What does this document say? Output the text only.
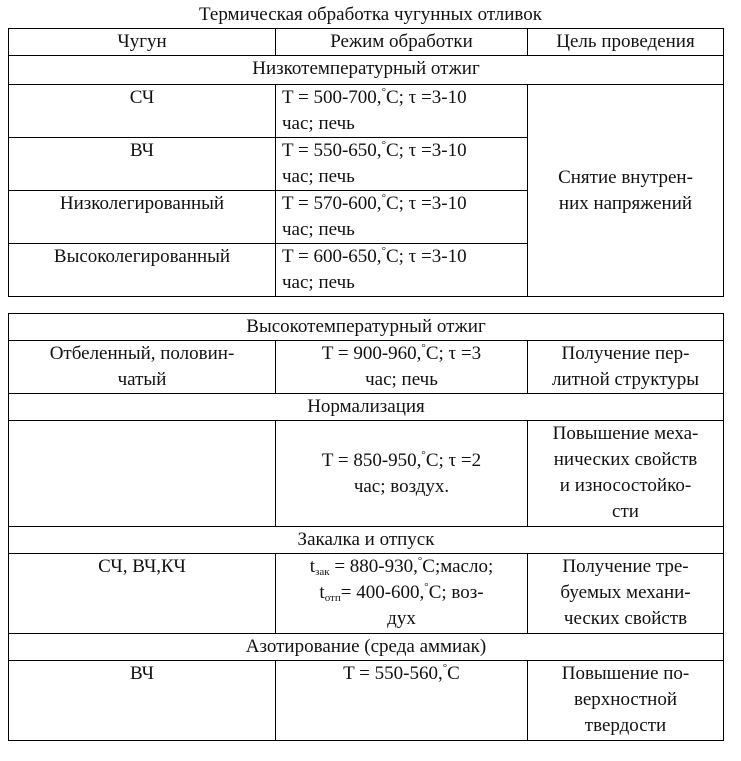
Термическая обработка чугунных отливок
Чугун	Режим обработки	Цель проведения
Низкотемпературный отжиг		
СЧ	T = 500-700,°C; τ =3-10
час; печь	Снятие внутрен-
них напряжений

ВЧ	T = 550-650,°C; τ =3-10
час; печь	

Низколегированный	T = 570-600,°C; τ =3-10
час; печь	

Высоколегированный	T = 600-650,°C; τ =3-10
час; печь	
Высокотемпературный отжиг		

Отбеленный, половин-
чатый	T = 900-960,°C; τ =3
час; печь	Получение пер-
литной структуры

Нормализация		

	T = 850-950,°C; τ =2
час; воздух.	Повышение меха-
нических свойств
и износостойко-
сти

Закалка и отпуск		
СЧ, ВЧ,КЧ	$t_{зак}$ = 880-930,°C;масло;
$t_{отп}= 400-600,^\circ C$; воз-
дух	Получение тре-
буемых механи-
ческих свойств

Азотирование (среда аммиак)		
ВЧ	T = 550-560,°C	Повышение по-
верхностной
твердости
